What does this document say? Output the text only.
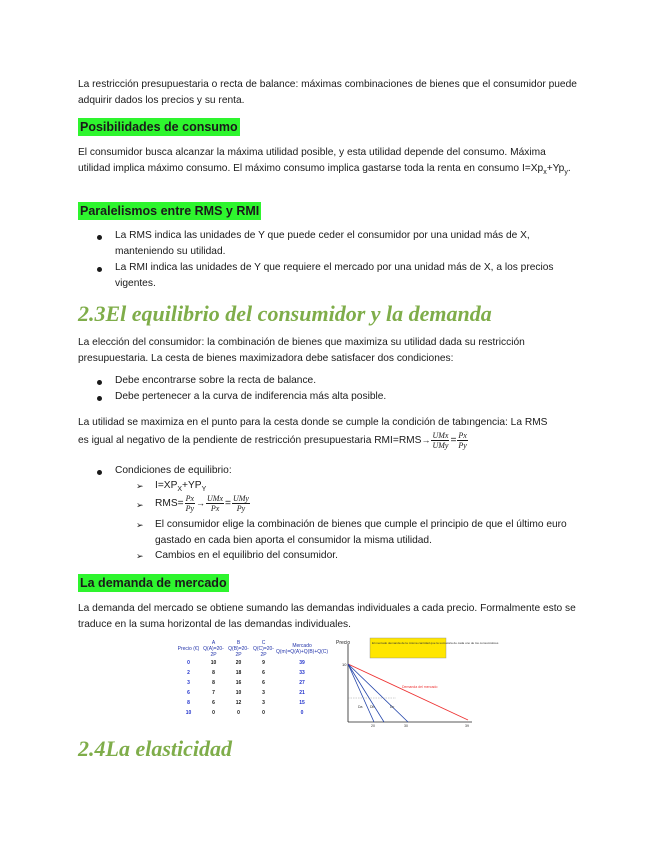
La restricción presupuestaria o recta de balance: máximas combinaciones de bienes que el consumidor puede adquirir dados los precios y su renta.

Posibilidades de consumo

El consumidor busca alcanzar la máxima utilidad posible, y esta utilidad depende del consumo. Máxima utilidad implica máximo consumo. El máximo consumo implica gastarse toda la renta en consumo $I=Xp_x+Yp_y$.

Paralelismos entre RMS y RMI

La RMS indica las unidades de Y que puede ceder el consumidor por una unidad más de X, manteniendo su utilidad.

La RMI indica las unidades de Y que requiere el mercado por una unidad más de X, a los precios vigentes.

2.3El equilibrio del consumidor y la demanda

La elección del consumidor: la combinación de bienes que maximiza su utilidad dada su restricción presupuestaria. La cesta de bienes maximizadora debe satisfacer dos condiciones:

Debe encontrarse sobre la recta de balance.

Debe pertenecer a la curva de indiferencia más alta posible.

La utilidad se maximiza en el punto para la cesta donde se cumple la condición de tabıngencia: La RMS

es igual al negativo de la pendiente de restricción presupuestaria $RMI=RMS\to \frac{\text{UMx}}{\text{UMy}} = \frac{Px}{Py}$

Condiciones de equilibrio:

➢ $I=XP_X+YP_Y$

➢ $RMS= \frac{Px}{Py} \to \frac{\text{UMx}}{Px} = \frac{\text{UMy}}{Py}$

➢ El consumidor elige la combinación de bienes que cumple el principio de que el último euro gastado en cada bien aporta el consumidor la misma utilidad.

➢ Cambios en el equilibrio del consumidor.

La demanda de mercado

La demanda del mercado se obtiene sumando las demandas individuales a cada precio. Formalmente esto se traduce en la suma horizontal de las demandas individuales.

Precio (€)	A Q(A)=20-2P	B Q(B)=20-2P	C Q(C)=20-2P	Mercado Q(m)=Q(A)+Q(B)+Q(C)
0	10	20	9	39
2	8	18	6	33
3	8	16	6	27
6	7	10	3	21
8	6	12	3	15
10	0	0	0	0
Precio	El mercado demanda de la misma cantidad que la sumatoria de cada uno de los consumidores
10
Demanda del mercado
Da Db	Dc
20	30	39
2.4La elasticidad
